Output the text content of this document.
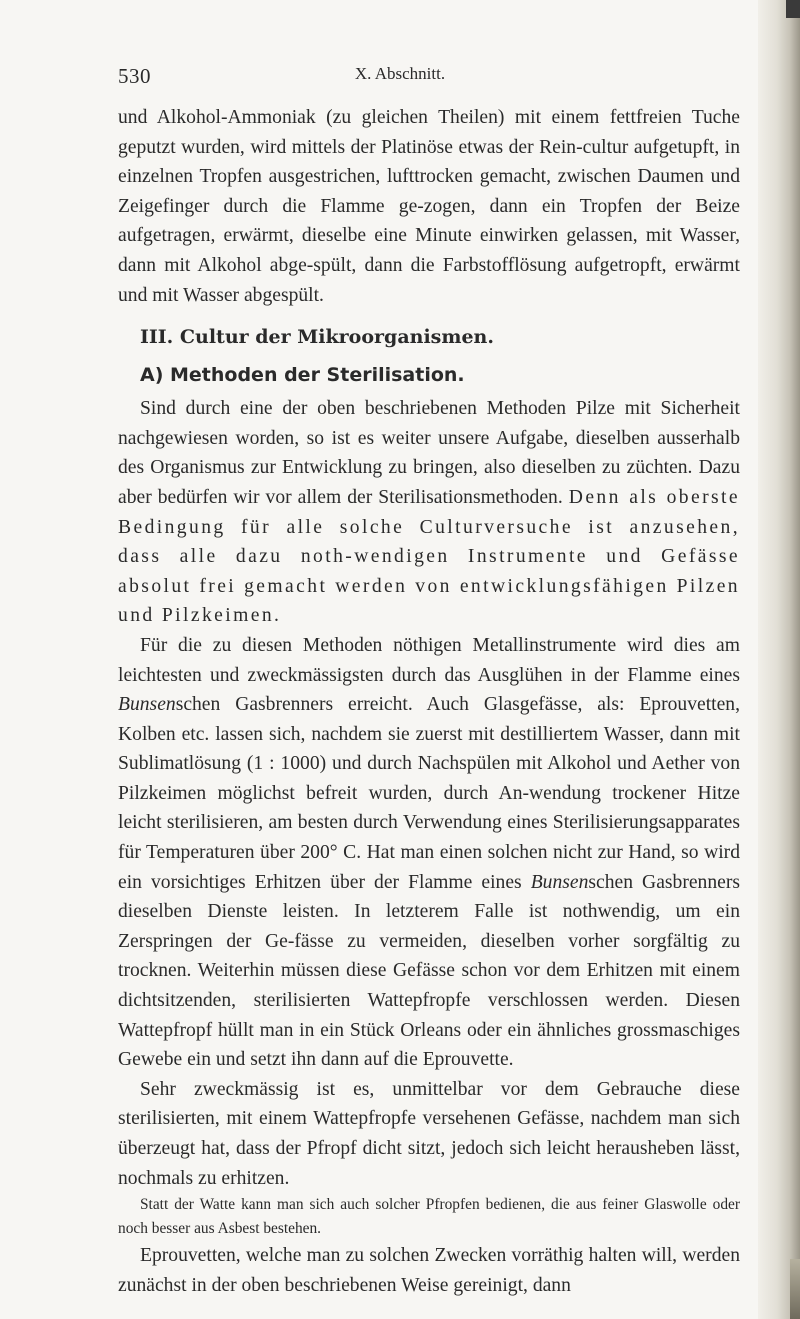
530	X. Abschnitt.

und Alkohol-Ammoniak (zu gleichen Theilen) mit einem fettfreien Tuche geputzt wurden, wird mittels der Platinöse etwas der Rein-cultur aufgetupft, in einzelnen Tropfen ausgestrichen, lufttrocken gemacht, zwischen Daumen und Zeigefinger durch die Flamme ge-zogen, dann ein Tropfen der Beize aufgetragen, erwärmt, dieselbe eine Minute einwirken gelassen, mit Wasser, dann mit Alkohol abge-spült, dann die Farbstofflösung aufgetropft, erwärmt und mit Wasser abgespült.

III. Cultur der Mikroorganismen.
A) Methoden der Sterilisation.

Sind durch eine der oben beschriebenen Methoden Pilze mit Sicherheit nachgewiesen worden, so ist es weiter unsere Aufgabe, dieselben ausserhalb des Organismus zur Entwicklung zu bringen, also dieselben zu züchten. Dazu aber bedürfen wir vor allem der Sterilisationsmethoden. Denn als oberste Bedingung für alle solche Culturversuche ist anzusehen, dass alle dazu noth-wendigen Instrumente und Gefässe absolut frei gemacht werden von entwicklungsfähigen Pilzen und Pilzkeimen.

Für die zu diesen Methoden nöthigen Metallinstrumente wird dies am leichtesten und zweckmässigsten durch das Ausglühen in der Flamme eines Bunsenschen Gasbrenners erreicht. Auch Glasgefässe, als: Eprouvetten, Kolben etc. lassen sich, nachdem sie zuerst mit destilliertem Wasser, dann mit Sublimatlösung (1 : 1000) und durch Nachspülen mit Alkohol und Aether von Pilzkeimen möglichst befreit wurden, durch An-wendung trockener Hitze leicht sterilisieren, am besten durch Verwendung eines Sterilisierungsapparates für Temperaturen über 200° C. Hat man einen solchen nicht zur Hand, so wird ein vorsichtiges Erhitzen über der Flamme eines Bunsenschen Gasbrenners dieselben Dienste leisten. In letzterem Falle ist nothwendig, um ein Zerspringen der Ge-fässe zu vermeiden, dieselben vorher sorgfältig zu trocknen. Weiterhin müssen diese Gefässe schon vor dem Erhitzen mit einem dichtsitzenden, sterilisierten Wattepfropfe verschlossen werden. Diesen Wattepfropf hüllt man in ein Stück Orleans oder ein ähnliches grossmaschiges Gewebe ein und setzt ihn dann auf die Eprouvette.

Sehr zweckmässig ist es, unmittelbar vor dem Gebrauche diese sterilisierten, mit einem Wattepfropfe versehenen Gefässe, nachdem man sich überzeugt hat, dass der Pfropf dicht sitzt, jedoch sich leicht herausheben lässt, nochmals zu erhitzen.

Statt der Watte kann man sich auch solcher Pfropfen bedienen, die aus feiner Glaswolle oder noch besser aus Asbest bestehen.

Eprouvetten, welche man zu solchen Zwecken vorräthig halten will, werden zunächst in der oben beschriebenen Weise gereinigt, dann
